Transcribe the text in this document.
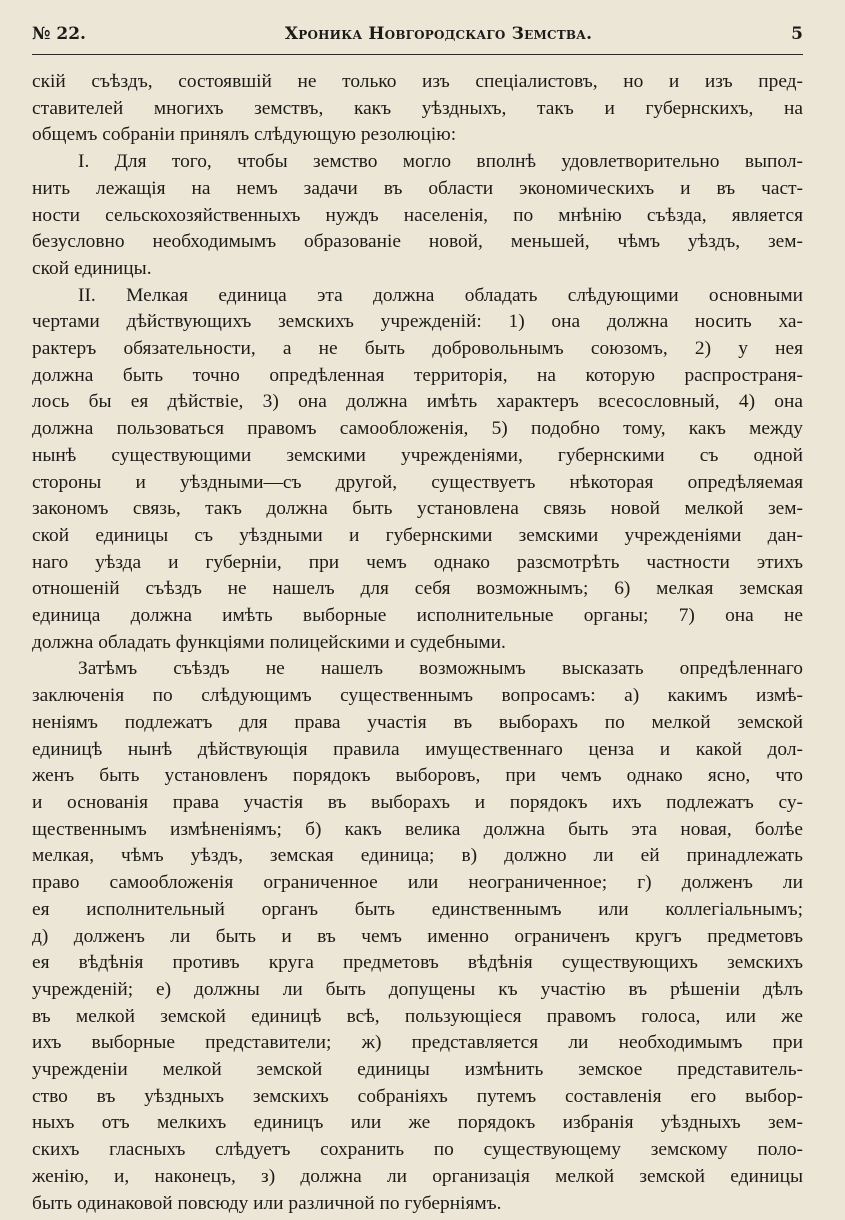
№ 22.	Хроника Новгородскаго Земства.	5
скій съѣздъ, состоявшій не только изъ спеціалистовъ, но и изъ пред-
ставителей многихъ земствъ, какъ уѣздныхъ, такъ и губернскихъ, на
общемъ собраніи принялъ слѣдующую резолюцію:
I. Для того, чтобы земство могло вполнѣ удовлетворительно выпол-
нить лежащія на немъ задачи въ области экономическихъ и въ част-
ности сельскохозяйственныхъ нуждъ населенія, по мнѣнію съѣзда, является
безусловно необходимымъ образованіе новой, меньшей, чѣмъ уѣздъ, зем-
ской единицы.
II. Мелкая единица эта должна обладать слѣдующими основными
чертами дѣйствующихъ земскихъ учрежденій: 1) она должна носить ха-
рактеръ обязательности, а не быть добровольнымъ союзомъ, 2) у нея
должна быть точно опредѣленная территорія, на которую распространя-
лось бы ея дѣйствіе, 3) она должна имѣть характеръ всесословный, 4) она
должна пользоваться правомъ самообложенія, 5) подобно тому, какъ между
нынѣ существующими земскими учрежденіями, губернскими съ одной
стороны и уѣздными—съ другой, существуетъ нѣкоторая опредѣляемая
закономъ связь, такъ должна быть установлена связь новой мелкой зем-
ской единицы съ уѣздными и губернскими земскими учрежденіями дан-
наго уѣзда и губерніи, при чемъ однако разсмотрѣть частности этихъ
отношеній съѣздъ не нашелъ для себя возможнымъ; 6) мелкая земская
единица должна имѣть выборные исполнительные органы; 7) она не
должна обладать функціями полицейскими и судебными.
Затѣмъ съѣздъ не нашелъ возможнымъ высказать опредѣленнаго
заключенія по слѣдующимъ существеннымъ вопросамъ: а) какимъ измѣ-
неніямъ подлежатъ для права участія въ выборахъ по мелкой земской
единицѣ нынѣ дѣйствующія правила имущественнаго ценза и какой дол-
женъ быть установленъ порядокъ выборовъ, при чемъ однако ясно, что
и основанія права участія въ выборахъ и порядокъ ихъ подлежатъ су-
щественнымъ измѣненіямъ; б) какъ велика должна быть эта новая, болѣе
мелкая, чѣмъ уѣздъ, земская единица; в) должно ли ей принадлежать
право самообложенія ограниченное или неограниченное; г) долженъ ли
ея исполнительный органъ быть единственнымъ или коллегіальнымъ;
д) долженъ ли быть и въ чемъ именно ограниченъ кругъ предметовъ
ея вѣдѣнія противъ круга предметовъ вѣдѣнія существующихъ земскихъ
учрежденій; е) должны ли быть допущены къ участію въ рѣшеніи дѣлъ
въ мелкой земской единицѣ всѣ, пользующіеся правомъ голоса, или же
ихъ выборные представители; ж) представляется ли необходимымъ при
учрежденіи мелкой земской единицы измѣнить земское представитель-
ство въ уѣздныхъ земскихъ собраніяхъ путемъ составленія его выбор-
ныхъ отъ мелкихъ единицъ или же порядокъ избранія уѣздныхъ зем-
скихъ гласныхъ слѣдуетъ сохранить по существующему земскому поло-
женію, и, наконецъ, з) должна ли организація мелкой земской единицы
быть одинаковой повсюду или различной по губерніямъ.
